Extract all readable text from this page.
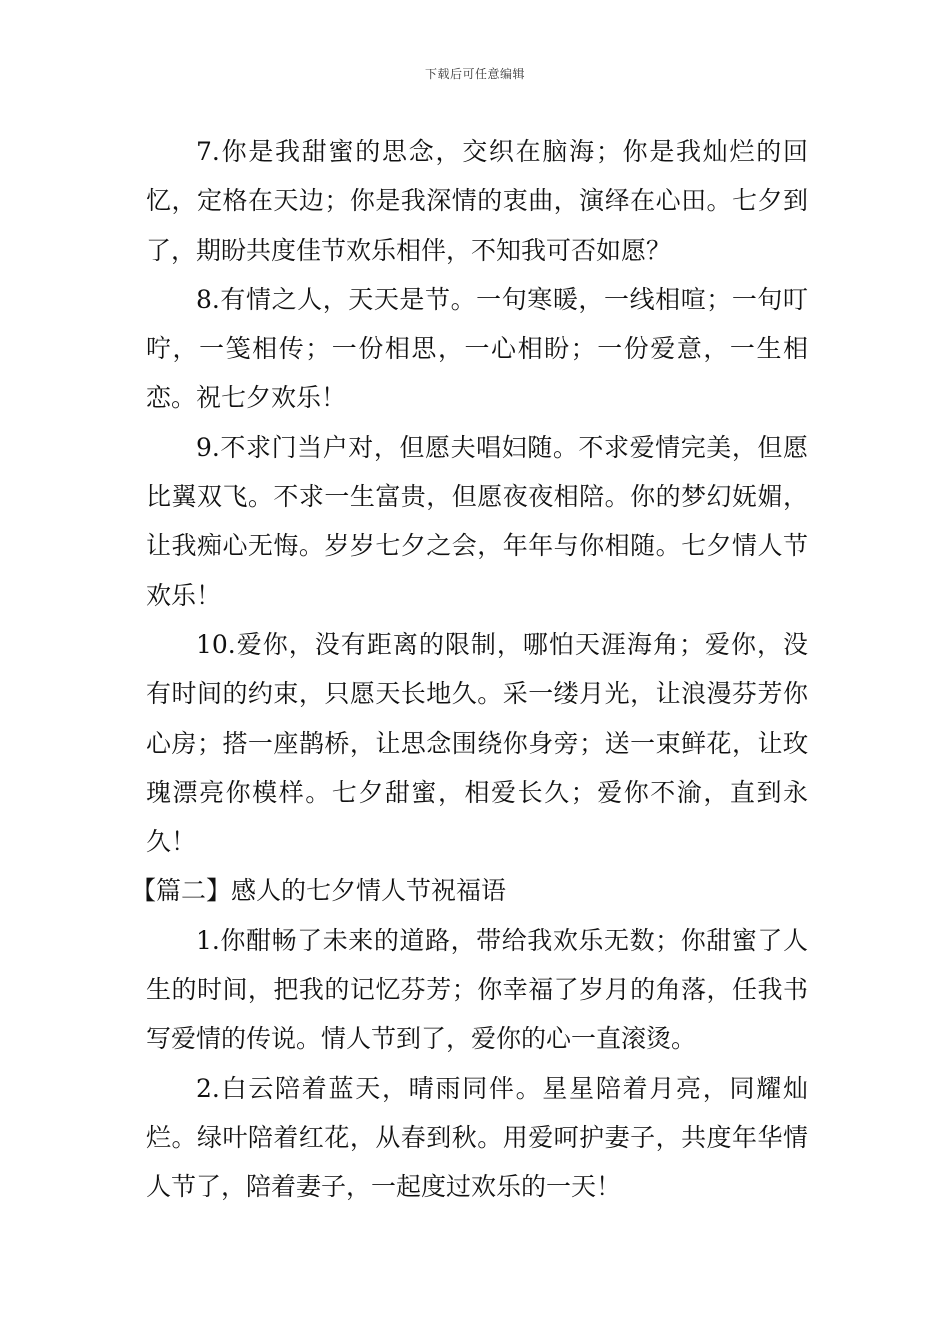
下载后可任意编辑

7.你是我甜蜜的思念，交织在脑海；你是我灿烂的回忆，定格在天边；你是我深情的衷曲，演绎在心田。七夕到了，期盼共度佳节欢乐相伴，不知我可否如愿？

8.有情之人，天天是节。一句寒暖，一线相喧；一句叮咛，一笺相传；一份相思，一心相盼；一份爱意，一生相恋。祝七夕欢乐！

9.不求门当户对，但愿夫唱妇随。不求爱情完美，但愿比翼双飞。不求一生富贵，但愿夜夜相陪。你的梦幻妩媚，让我痴心无悔。岁岁七夕之会，年年与你相随。七夕情人节欢乐！

10.爱你，没有距离的限制，哪怕天涯海角；爱你，没有时间的约束，只愿天长地久。采一缕月光，让浪漫芬芳你心房；搭一座鹊桥，让思念围绕你身旁；送一束鲜花，让玫瑰漂亮你模样。七夕甜蜜，相爱长久；爱你不渝，直到永久！

【篇二】感人的七夕情人节祝福语

1.你酣畅了未来的道路，带给我欢乐无数；你甜蜜了人生的时间，把我的记忆芬芳；你幸福了岁月的角落，任我书写爱情的传说。情人节到了，爱你的心一直滚烫。

2.白云陪着蓝天，晴雨同伴。星星陪着月亮，同耀灿烂。绿叶陪着红花，从春到秋。用爱呵护妻子，共度年华情人节了，陪着妻子，一起度过欢乐的一天！
